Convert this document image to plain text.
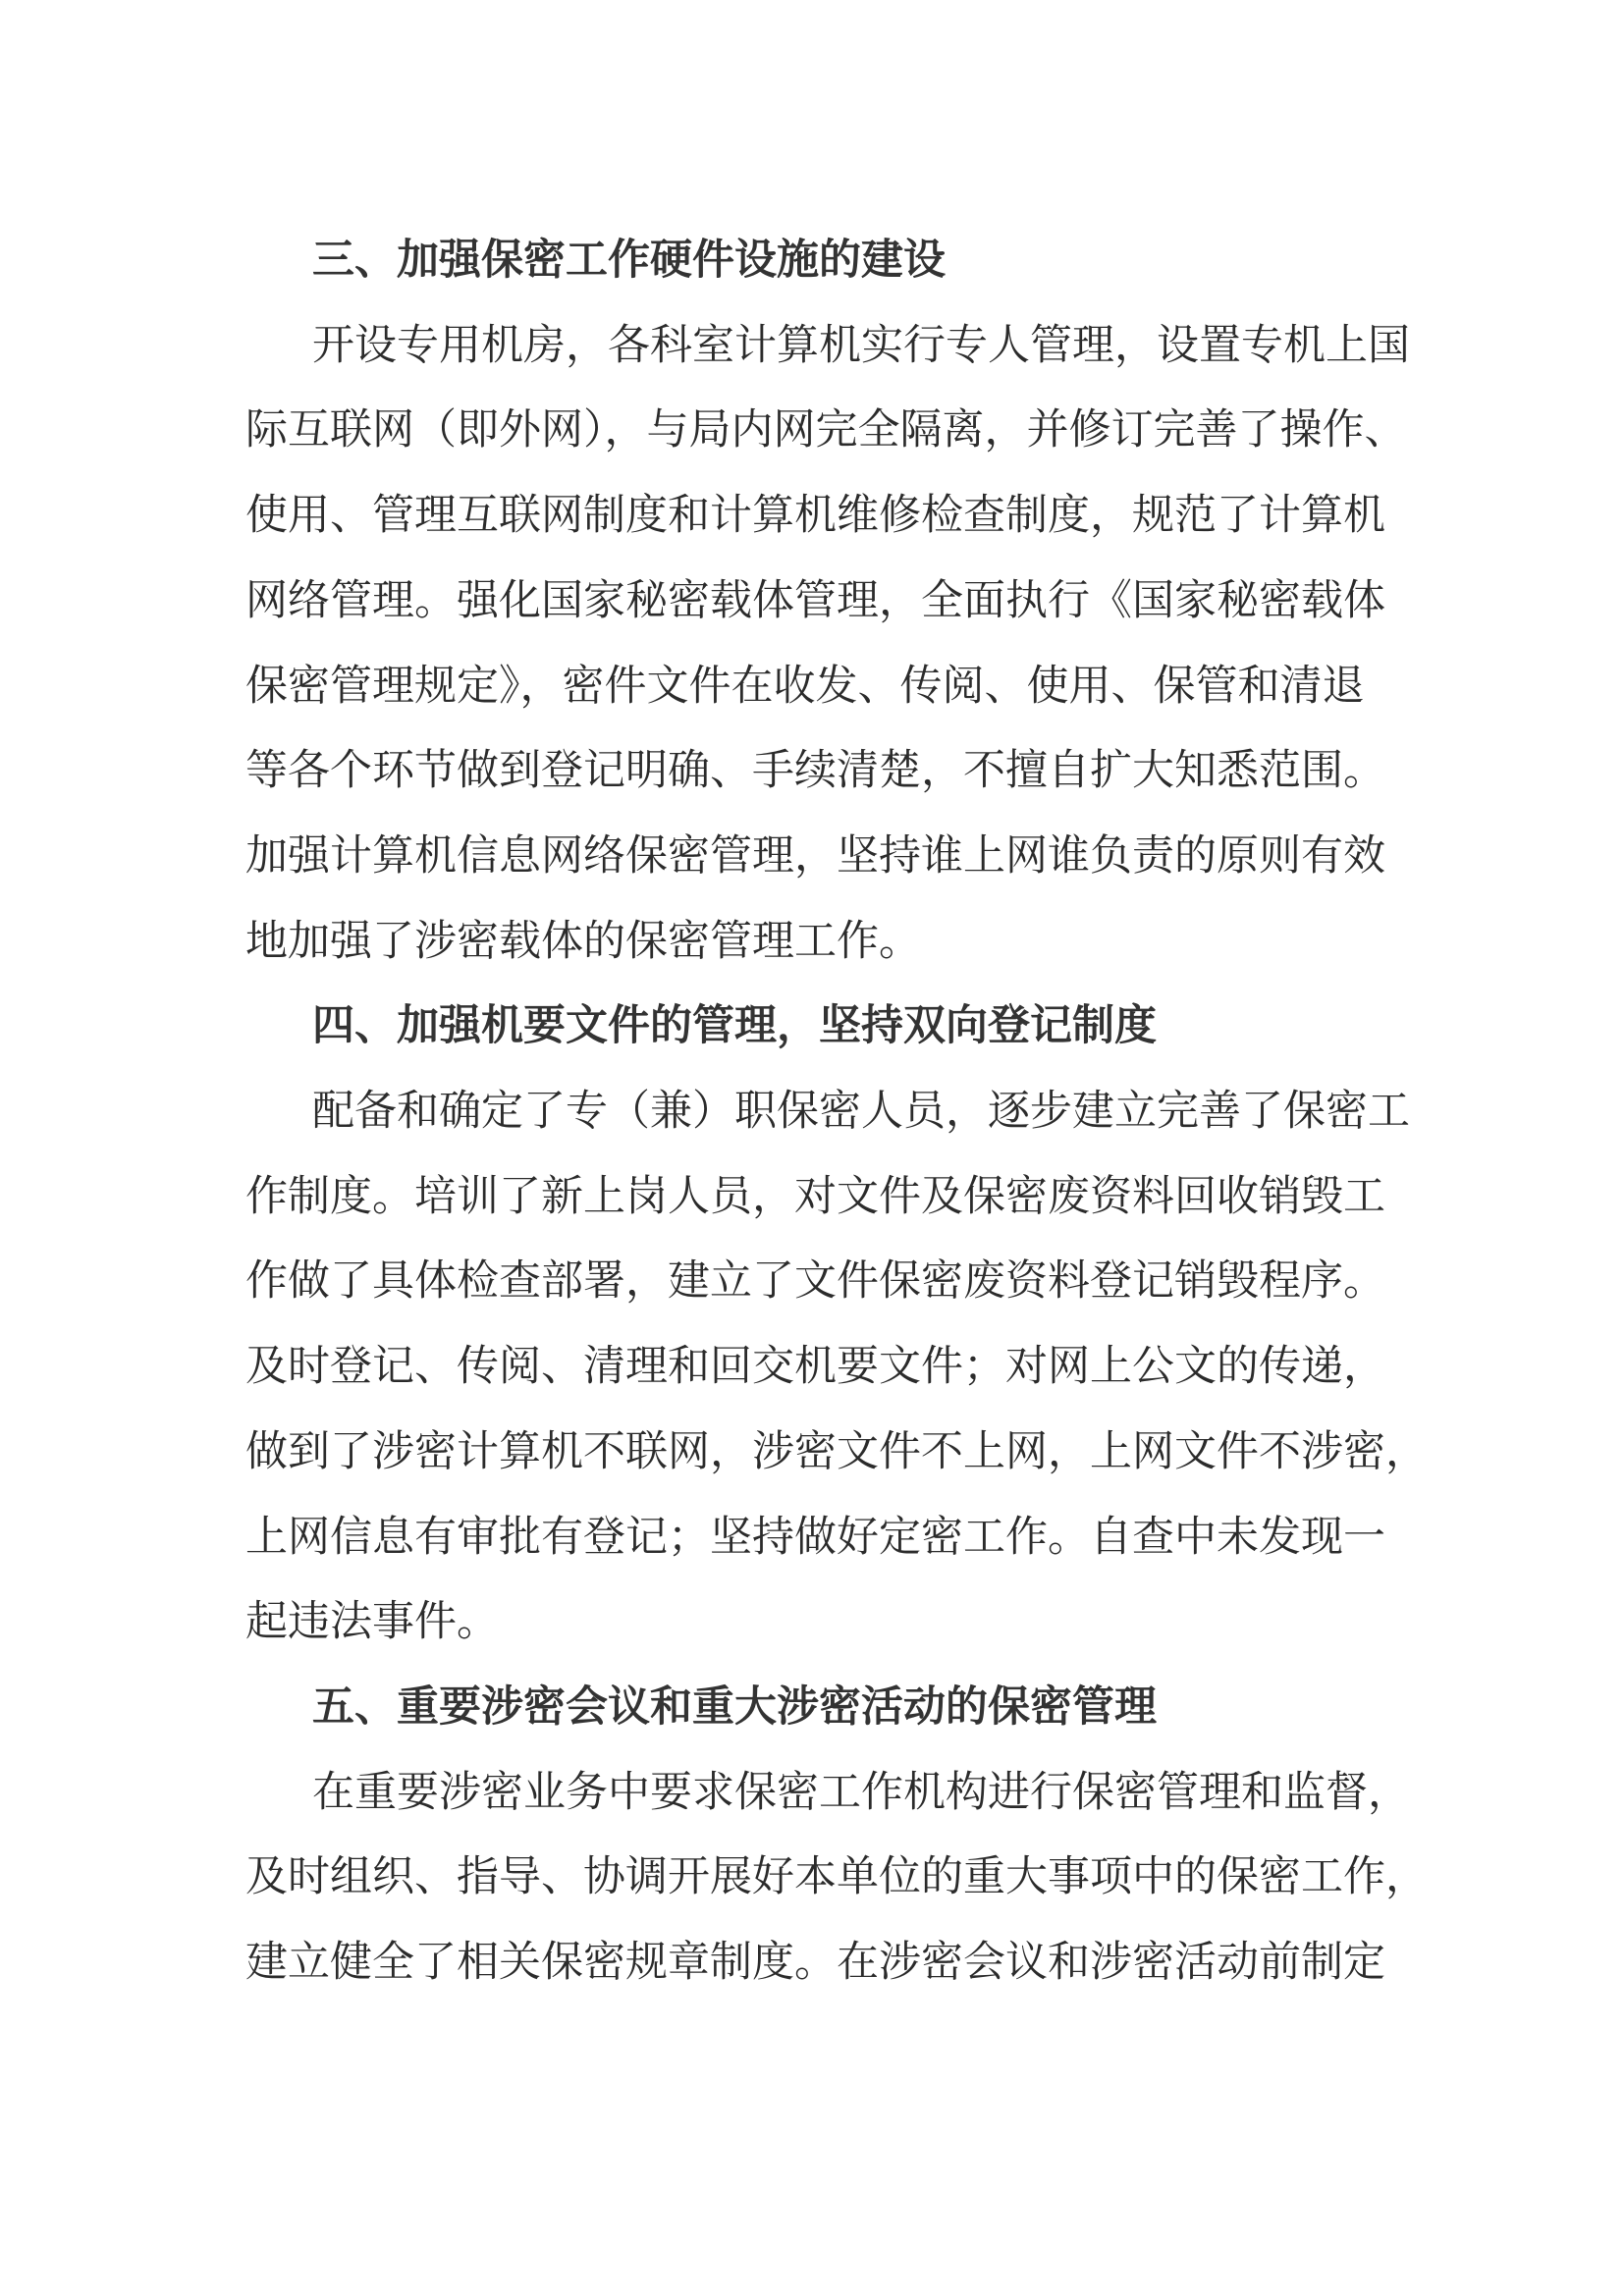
三、加强保密工作硬件设施的建设
开设专用机房，各科室计算机实行专人管理，设置专机上国
际互联网（即外网），与局内网完全隔离，并修订完善了操作、
使用、管理互联网制度和计算机维修检查制度，规范了计算机
网络管理。强化国家秘密载体管理，全面执行《国家秘密载体
保密管理规定》，密件文件在收发、传阅、使用、保管和清退
等各个环节做到登记明确、手续清楚，不擅自扩大知悉范围。
加强计算机信息网络保密管理，坚持谁上网谁负责的原则有效
地加强了涉密载体的保密管理工作。
四、加强机要文件的管理，坚持双向登记制度
配备和确定了专（兼）职保密人员，逐步建立完善了保密工
作制度。培训了新上岗人员，对文件及保密废资料回收销毁工
作做了具体检查部署，建立了文件保密废资料登记销毁程序。
及时登记、传阅、清理和回交机要文件；对网上公文的传递，
做到了涉密计算机不联网，涉密文件不上网，上网文件不涉密，
上网信息有审批有登记；坚持做好定密工作。自查中未发现一
起违法事件。
五、重要涉密会议和重大涉密活动的保密管理
在重要涉密业务中要求保密工作机构进行保密管理和监督，
及时组织、指导、协调开展好本单位的重大事项中的保密工作，
建立健全了相关保密规章制度。在涉密会议和涉密活动前制定
